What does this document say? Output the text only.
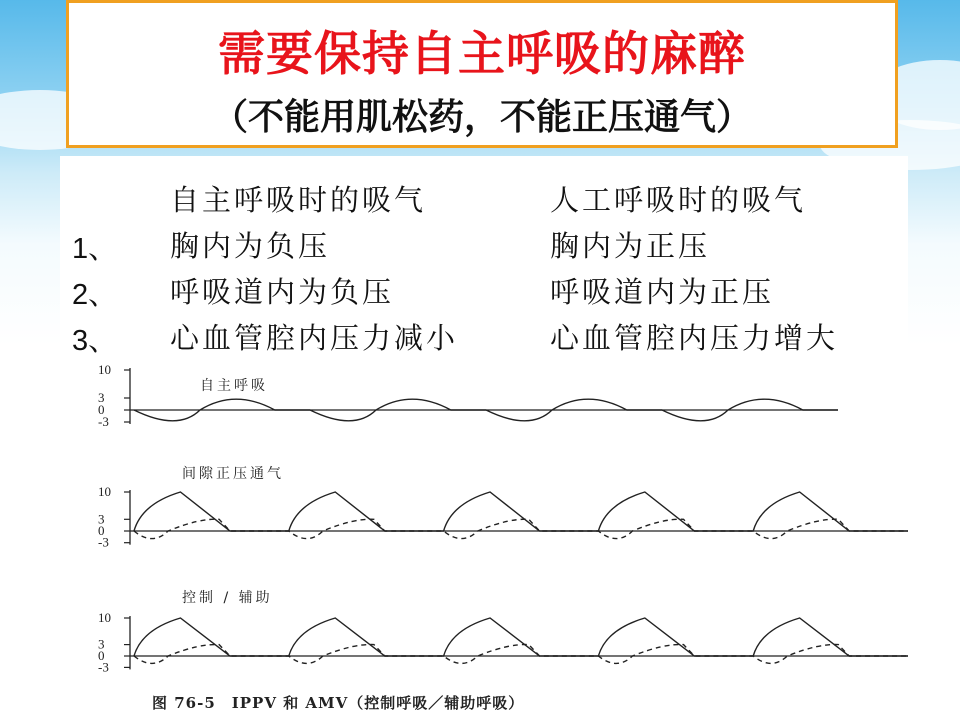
需要保持自主呼吸的麻醉
（不能用肌松药，不能正压通气）
自主呼吸时的吸气	人工呼吸时的吸气
1、 胸内为负压	胸内为正压
2、 呼吸道内为负压	呼吸道内为正压
3、 心血管腔内压力减小	心血管腔内压力增大
自主呼吸
10
3
0
-3
间隙正压通气
10
3
0
-3
控制 / 辅助
10
3
0
-3
图 76-5　IPPV 和 AMV（控制呼吸／辅助呼吸）
